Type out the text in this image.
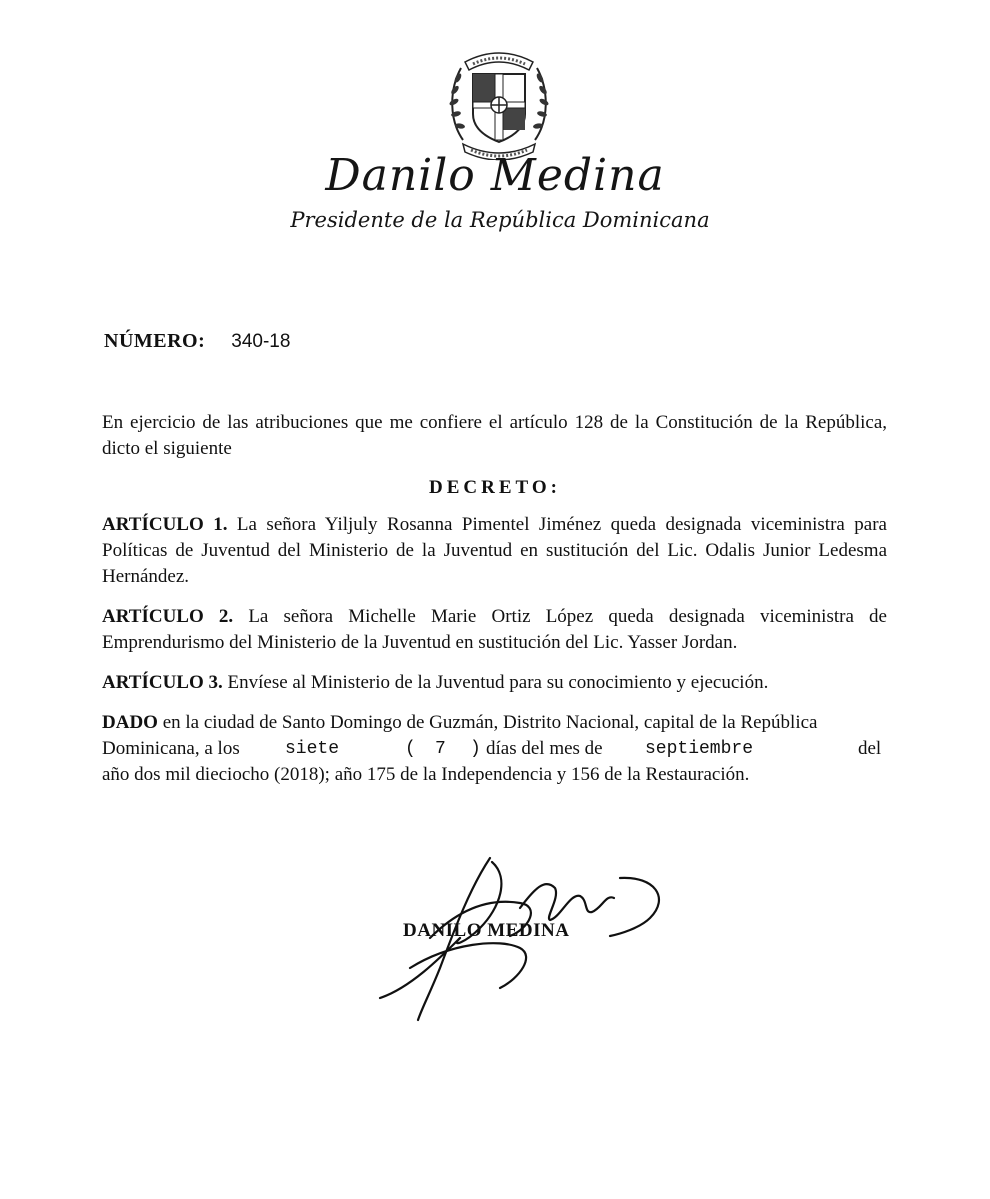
Danilo Medina
Presidente de la República Dominicana
NÚMERO: 340-18
En ejercicio de las atribuciones que me confiere el artículo 128 de la Constitución de la República, dicto el siguiente
DECRETO:
ARTÍCULO 1. La señora Yiljuly Rosanna Pimentel Jiménez queda designada viceministra para Políticas de Juventud del Ministerio de la Juventud en sustitución del Lic. Odalis Junior Ledesma Hernández.
ARTÍCULO 2. La señora Michelle Marie Ortiz López queda designada viceministra de Emprendurismo del Ministerio de la Juventud en sustitución del Lic. Yasser Jordan.
ARTÍCULO 3. Envíese al Ministerio de la Juventud para su conocimiento y ejecución.
DADO en la ciudad de Santo Domingo de Guzmán, Distrito Nacional, capital de la República
Dominicana, a los	siete	( 7 ) días del mes de septiembre	del
año dos mil dieciocho (2018); año 175 de la Independencia y 156 de la Restauración.
DANILO MEDINA
